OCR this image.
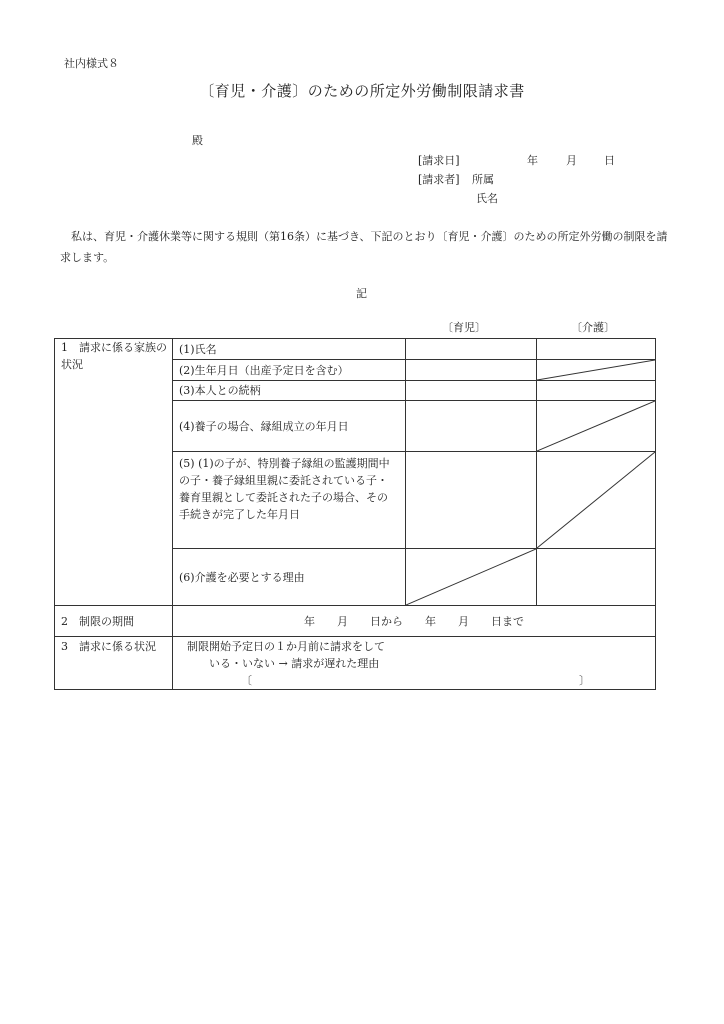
社内様式８
〔育児・介護〕のための所定外労働制限請求書
殿
[請求日]	年	月 日
[請求者] 所属
氏名
私は、育児・介護休業等に関する規則（第16条）に基づき、下記のとおり〔育児・介護〕のための所定外労働の制限を請求します。
記
〔育児〕	〔介護〕
1　請求に係る家族の状況	(1)氏名		
	(2)生年月日（出産予定日を含む）		

	(3)本人との続柄		
	(4)養子の場合、縁組成立の年月日		

	(5) (1)の子が、特別養子縁組の監護期間中の子・養子縁組里親に委託されている子・養育里親として委託された子の場合、その手続きが完了した年月日		

	(6)介護を必要とする理由	

2　制限の期間	年　　月　　日から　　年　　月　　日まで		
3　請求に係る状況	制限開始予定日の１か月前に請求をして
いる・いない → 請求が遅れた理由
〔 〕		
